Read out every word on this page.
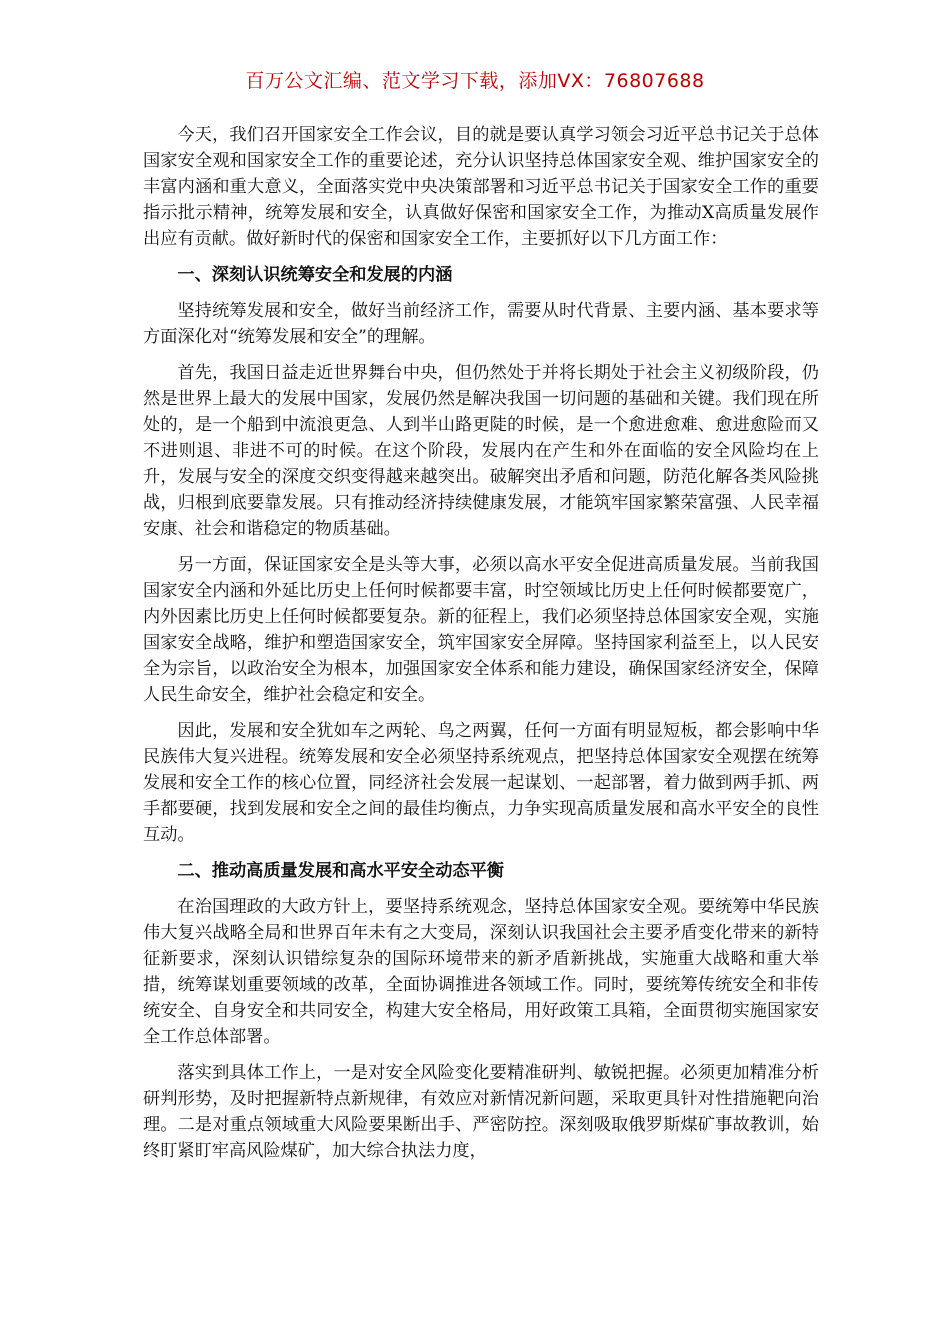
百万公文汇编、范文学习下载，添加VX：76807688

今天，我们召开国家安全工作会议，目的就是要认真学习领会习近平总书记关于总体国家安全观和国家安全工作的重要论述，充分认识坚持总体国家安全观、维护国家安全的丰富内涵和重大意义，全面落实党中央决策部署和习近平总书记关于国家安全工作的重要指示批示精神，统筹发展和安全，认真做好保密和国家安全工作，为推动X高质量发展作出应有贡献。做好新时代的保密和国家安全工作，主要抓好以下几方面工作：

一、深刻认识统筹安全和发展的内涵

坚持统筹发展和安全，做好当前经济工作，需要从时代背景、主要内涵、基本要求等方面深化对“统筹发展和安全”的理解。

首先，我国日益走近世界舞台中央，但仍然处于并将长期处于社会主义初级阶段，仍然是世界上最大的发展中国家，发展仍然是解决我国一切问题的基础和关键。我们现在所处的，是一个船到中流浪更急、人到半山路更陡的时候，是一个愈进愈难、愈进愈险而又不进则退、非进不可的时候。在这个阶段，发展内在产生和外在面临的安全风险均在上升，发展与安全的深度交织变得越来越突出。破解突出矛盾和问题，防范化解各类风险挑战，归根到底要靠发展。只有推动经济持续健康发展，才能筑牢国家繁荣富强、人民幸福安康、社会和谐稳定的物质基础。

另一方面，保证国家安全是头等大事，必须以高水平安全促进高质量发展。当前我国国家安全内涵和外延比历史上任何时候都要丰富，时空领域比历史上任何时候都要宽广，内外因素比历史上任何时候都要复杂。新的征程上，我们必须坚持总体国家安全观，实施国家安全战略，维护和塑造国家安全，筑牢国家安全屏障。坚持国家利益至上，以人民安全为宗旨，以政治安全为根本，加强国家安全体系和能力建设，确保国家经济安全，保障人民生命安全，维护社会稳定和安全。

因此，发展和安全犹如车之两轮、鸟之两翼，任何一方面有明显短板，都会影响中华民族伟大复兴进程。统筹发展和安全必须坚持系统观点，把坚持总体国家安全观摆在统筹发展和安全工作的核心位置，同经济社会发展一起谋划、一起部署，着力做到两手抓、两手都要硬，找到发展和安全之间的最佳均衡点，力争实现高质量发展和高水平安全的良性互动。

二、推动高质量发展和高水平安全动态平衡

在治国理政的大政方针上，要坚持系统观念，坚持总体国家安全观。要统筹中华民族伟大复兴战略全局和世界百年未有之大变局，深刻认识我国社会主要矛盾变化带来的新特征新要求，深刻认识错综复杂的国际环境带来的新矛盾新挑战，实施重大战略和重大举措，统筹谋划重要领域的改革，全面协调推进各领域工作。同时，要统筹传统安全和非传统安全、自身安全和共同安全，构建大安全格局，用好政策工具箱，全面贯彻实施国家安全工作总体部署。

落实到具体工作上，一是对安全风险变化要精准研判、敏锐把握。必须更加精准分析研判形势，及时把握新特点新规律，有效应对新情况新问题，采取更具针对性措施靶向治理。二是对重点领域重大风险要果断出手、严密防控。深刻吸取俄罗斯煤矿事故教训，始终盯紧盯牢高风险煤矿，加大综合执法力度，
